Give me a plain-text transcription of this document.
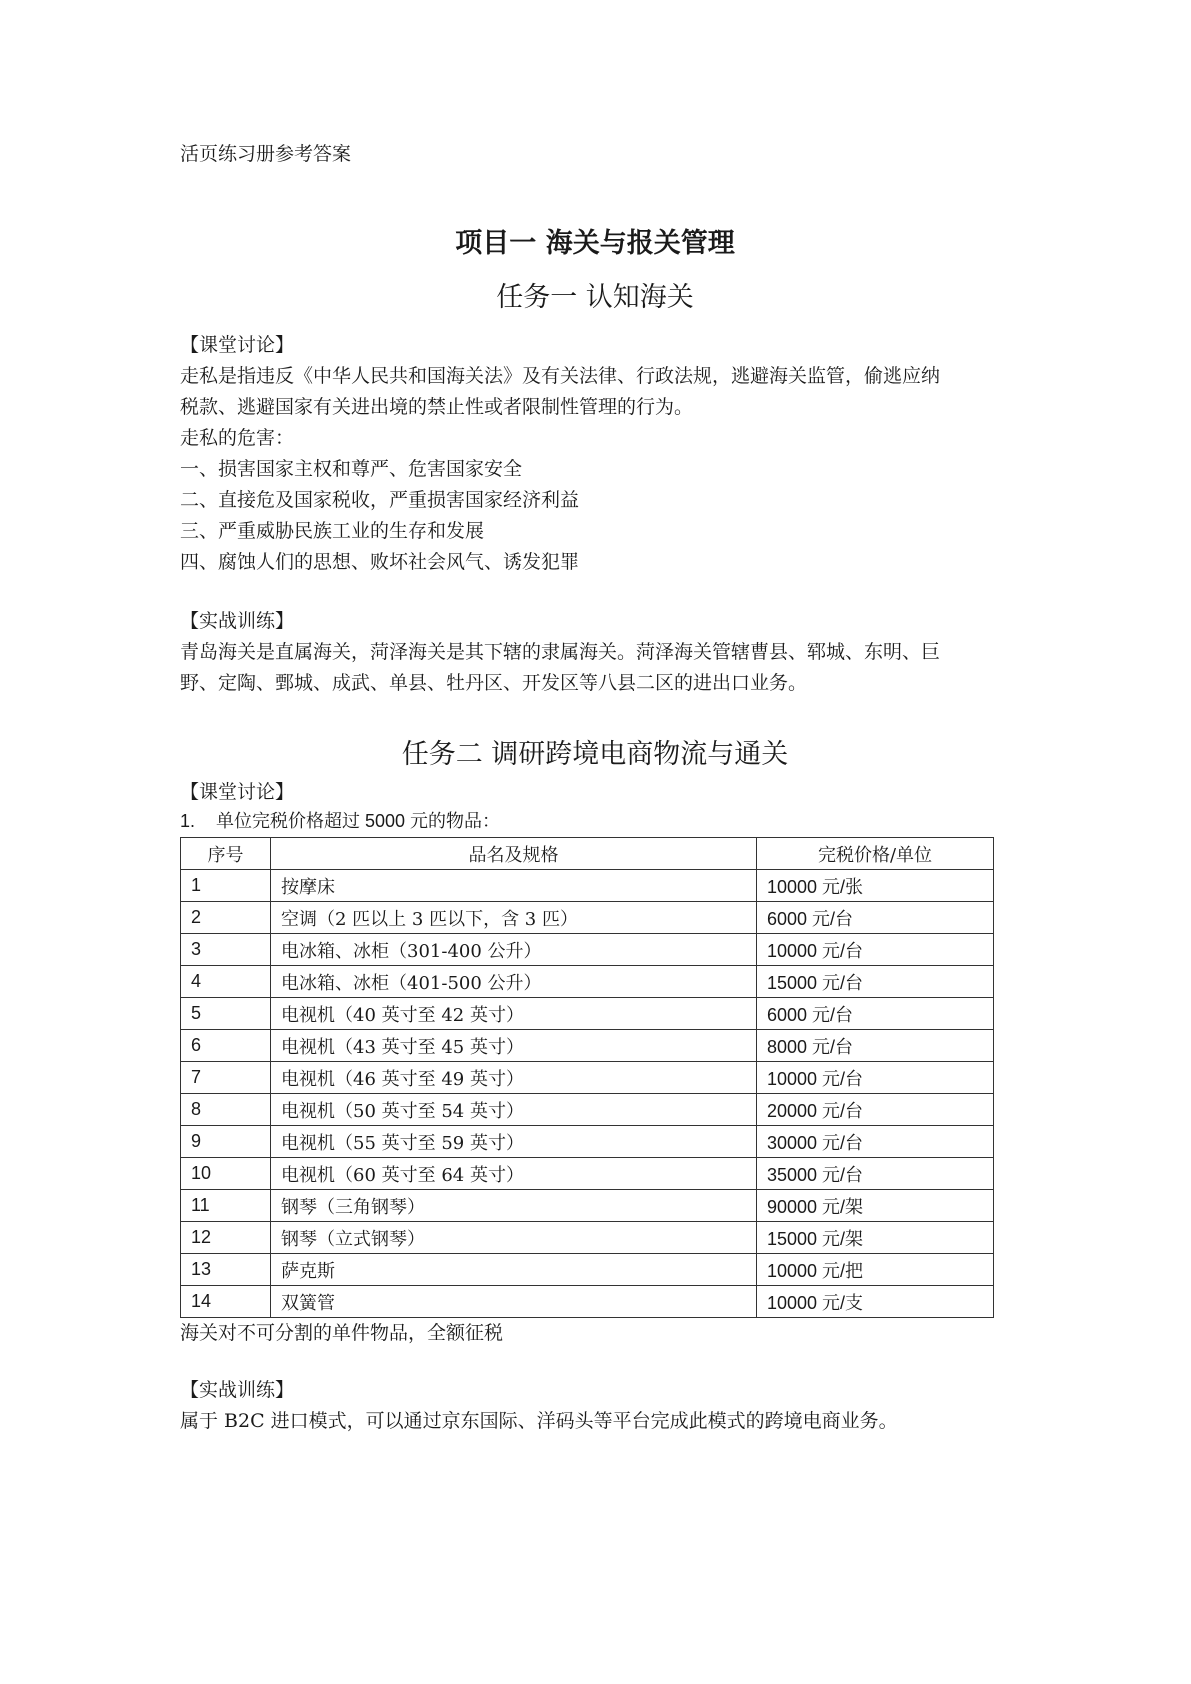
活页练习册参考答案

项目一 海关与报关管理
任务一 认知海关

【课堂讨论】

走私是指违反《中华人民共和国海关法》及有关法律、行政法规，逃避海关监管，偷逃应纳

税款、逃避国家有关进出境的禁止性或者限制性管理的行为。

走私的危害：

一、损害国家主权和尊严、危害国家安全

二、直接危及国家税收，严重损害国家经济利益

三、严重威胁民族工业的生存和发展

四、腐蚀人们的思想、败坏社会风气、诱发犯罪

【实战训练】

青岛海关是直属海关，菏泽海关是其下辖的隶属海关。菏泽海关管辖曹县、郓城、东明、巨

野、定陶、鄄城、成武、单县、牡丹区、开发区等八县二区的进出口业务。

任务二 调研跨境电商物流与通关

【课堂讨论】

1. 单位完税价格超过 5000 元的物品：

序号	品名及规格	完税价格/单位
1	按摩床	10000 元/张
2	空调（2 匹以上 3 匹以下，含 3 匹）	6000 元/台
3	电冰箱、冰柜（301-400 公升）	10000 元/台
4	电冰箱、冰柜（401-500 公升）	15000 元/台
5	电视机（40 英寸至 42 英寸）	6000 元/台
6	电视机（43 英寸至 45 英寸）	8000 元/台
7	电视机（46 英寸至 49 英寸）	10000 元/台
8	电视机（50 英寸至 54 英寸）	20000 元/台
9	电视机（55 英寸至 59 英寸）	30000 元/台
10	电视机（60 英寸至 64 英寸）	35000 元/台
11	钢琴（三角钢琴）	90000 元/架
12	钢琴（立式钢琴）	15000 元/架
13	萨克斯	10000 元/把
14	双簧管	10000 元/支

海关对不可分割的单件物品，全额征税

【实战训练】

属于 B2C 进口模式，可以通过京东国际、洋码头等平台完成此模式的跨境电商业务。
